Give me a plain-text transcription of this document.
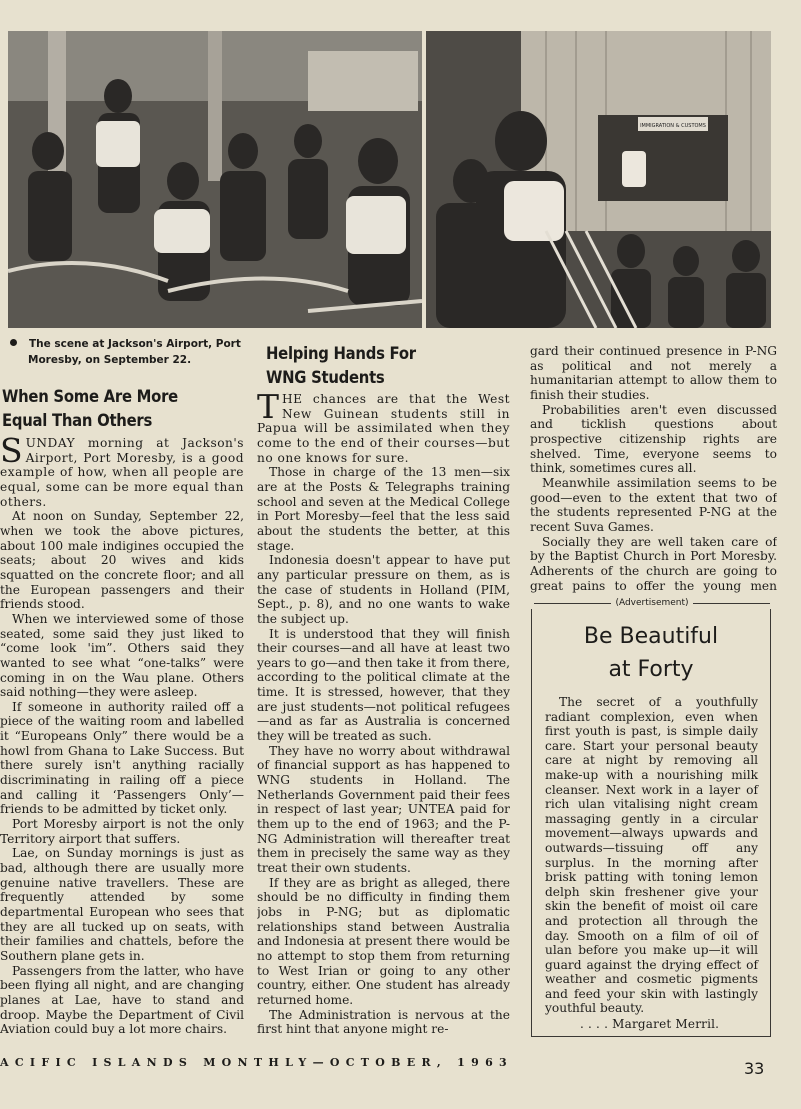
IMMIGRATION & CUSTOMS
The scene at Jackson's Airport, Port
Moresby, on September 22.
When Some Are More
Equal Than Others

SUNDAY morning at Jackson's Airport, Port Moresby, is a good example of how, when all people are equal, some can be more equal than others.

At noon on Sunday, September 22, when we took the above pictures, about 100 male indigines occupied the seats; about 20 wives and kids squatted on the concrete floor; and all the European passengers and their friends stood.

When we interviewed some of those seated, some said they just liked to “come look 'im”. Others said they wanted to see what “one-talks” were coming in on the Wau plane. Others said nothing—they were asleep.

If someone in authority railed off a piece of the waiting room and labelled it “Europeans Only” there would be a howl from Ghana to Lake Success. But there surely isn't anything racially discriminating in railing off a piece and calling it ‘Passengers Only’—friends to be admitted by ticket only.

Port Moresby airport is not the only Territory airport that suffers.

Lae, on Sunday mornings is just as bad, although there are usually more genuine native travellers. These are frequently attended by some departmental European who sees that they are all tucked up on seats, with their families and chattels, before the Southern plane gets in.

Passengers from the latter, who have been flying all night, and are changing planes at Lae, have to stand and droop. Maybe the Department of Civil Aviation could buy a lot more chairs.

Helping Hands For
WNG Students

THE chances are that the West New Guinean students still in Papua will be assimilated when they come to the end of their courses—but no one knows for sure.

Those in charge of the 13 men—six are at the Posts & Telegraphs training school and seven at the Medical College in Port Moresby—feel that the less said about the students the better, at this stage.

Indonesia doesn't appear to have put any particular pressure on them, as is the case of students in Holland (PIM, Sept., p. 8), and no one wants to wake the subject up.

It is understood that they will finish their courses—and all have at least two years to go—and then take it from there, according to the political climate at the time. It is stressed, however, that they are just students—not political refugees—and as far as Australia is concerned they will be treated as such.

They have no worry about withdrawal of financial support as has happened to WNG students in Holland. The Netherlands Government paid their fees in respect of last year; UNTEA paid for them up to the end of 1963; and the P-NG Administration will thereafter treat them in precisely the same way as they treat their own students.

If they are as bright as alleged, there should be no difficulty in finding them jobs in P-NG; but as diplomatic relationships stand between Australia and Indonesia at present there would be no attempt to stop them from returning to West Irian or going to any other country, either. One student has already returned home.

The Administration is nervous at the first hint that anyone might re-

gard their continued presence in P-NG as political and not merely a humanitarian attempt to allow them to finish their studies.

Probabilities aren't even discussed and ticklish questions about prospective citizenship rights are shelved. Time, everyone seems to think, sometimes cures all.

Meanwhile assimilation seems to be good—even to the extent that two of the students represented P-NG at the recent Suva Games.

Socially they are well taken care of by the Baptist Church in Port Moresby. Adherents of the church are going to great pains to offer the young men

(Advertisement)
Be Beautiful
at Forty

The secret of a youthfully radiant complexion, even when first youth is past, is simple daily care. Start your personal beauty care at night by removing all make-up with a nourishing milk cleanser. Next work in a layer of rich ulan vitalising night cream massaging gently in a circular movement—always upwards and outwards—tissuing off any surplus. In the morning after brisk patting with toning lemon delph skin freshener give your skin the benefit of moist oil care and protection all through the day. Smooth on a film of oil of ulan before you make up—it will guard against the drying effect of weather and cosmetic pigments and feed your skin with lastingly youthful beauty.

. . . . Margaret Merril.
ACIFIC ISLANDS MONTHLY—OCTOBER, 1963	33
